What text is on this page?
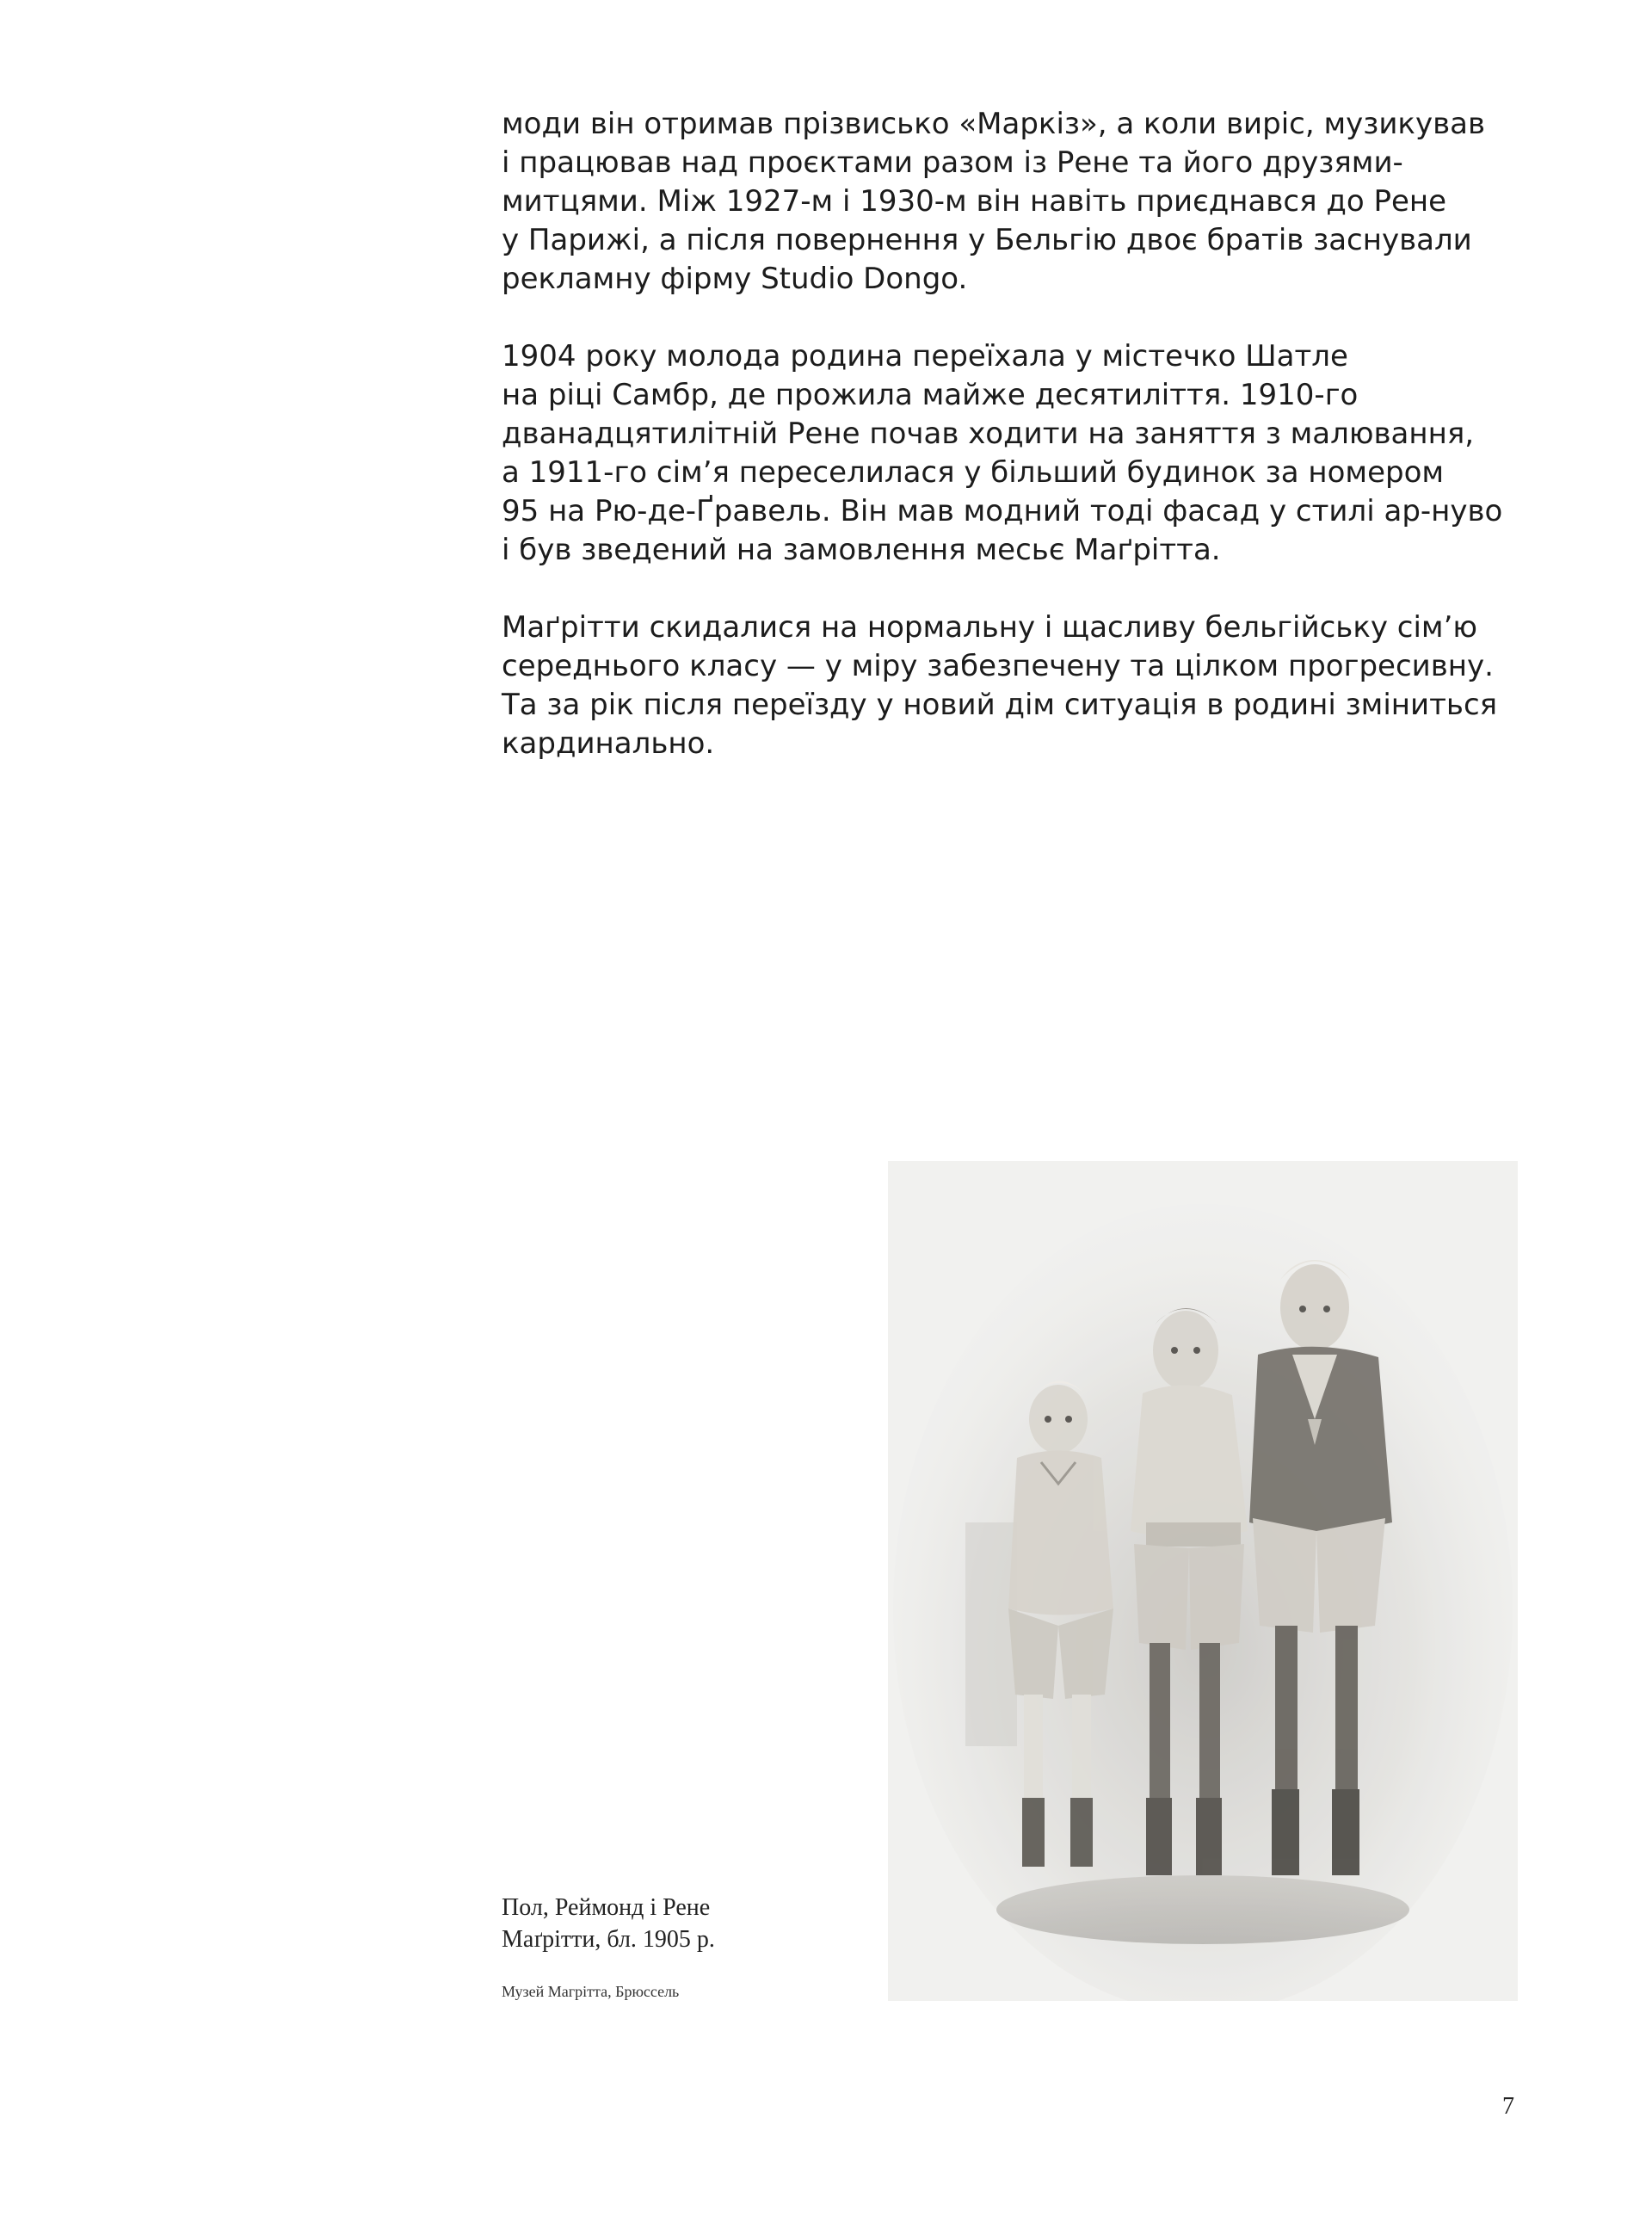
моди він отримав прізвисько «Маркіз», а коли виріс, музикував
і працював над проєктами разом із Рене та його друзями-
митцями. Між 1927-м і 1930-м він навіть приєднався до Рене
у Парижі, а після повернення у Бельгію двоє братів заснували
рекламну фірму Studio Dongo.

1904 року молода родина переїхала у містечко Шатле
на ріці Самбр, де прожила майже десятиліття. 1910-го
дванадцятилітній Рене почав ходити на заняття з малювання,
а 1911-го сім’я переселилася у більший будинок за номером
95 на Рю-де-Ґравель. Він мав модний тоді фасад у стилі ар-нуво
і був зведений на замовлення месьє Маґрітта.

Маґрітти скидалися на нормальну і щасливу бельгійську сім’ю
середнього класу — у міру забезпечену та цілком прогресивну.
Та за рік після переїзду у новий дім ситуація в родині зміниться
кардинально.

Пол, Реймонд і Рене
Маґрітти, бл. 1905 р.
Музей Магрітта, Брюссель
7
